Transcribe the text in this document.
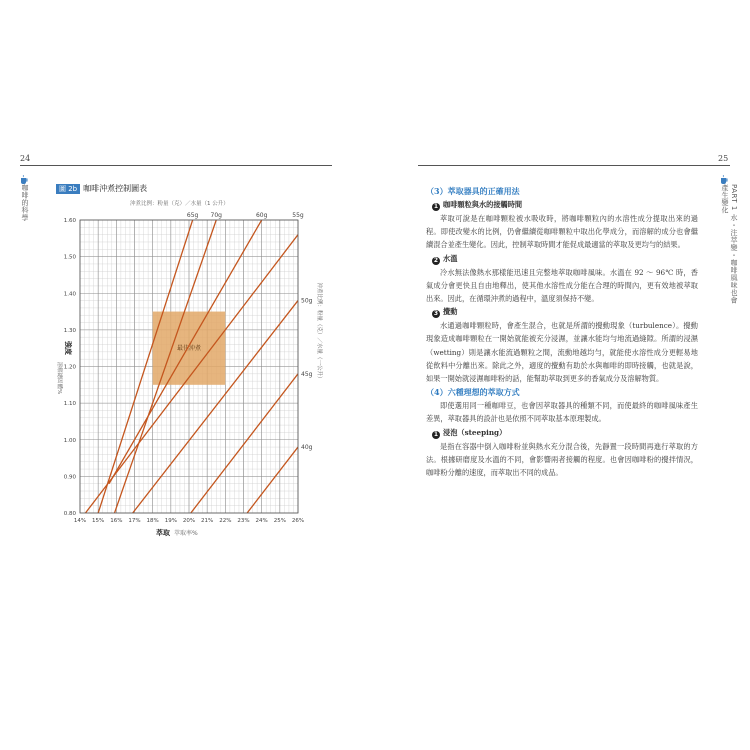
24
咖啡的科學	圖 2b 咖啡沖煮控制圖表
沖煮比例：粉量（克）／水量（1 公升）
最佳沖煮
70g
65g	60g	55g
50g
45g
40g
14% 15% 16% 17% 18% 19% 20% 21% 22% 23% 24% 25% 26%
0.80
0.90
1.00
1.10
1.20
1.30
1.40
1.50
1.60
萃取 萃取率%
強度
溶解總固體%	沖煮比例：粉量（克）／水量（一公升）
25
PART 1 水・注萃變・咖啡風味也會產生變化

（3）萃取器具的正確用法

1 咖啡顆粒與水的接觸時間

萃取可說是在咖啡顆粒被水吸收時，將咖啡顆粒內的水溶性成分提取出來的過程。即使改變水的比例，仍會繼續從咖啡顆粒中取出化學成分，而溶解的成分也會繼續混合並產生變化。因此，控制萃取時間才能促成最適當的萃取及更均勻的結果。

2 水溫

冷水無法像熱水那樣能迅速且完整地萃取咖啡風味。水溫在 92 ～ 96℃ 時，香氣成分會更快且自由地釋出，使其他水溶性成分能在合理的時間內，更有效地被萃取出來。因此，在循環沖煮的過程中，溫度須保持不變。

3 攪動

水通過咖啡顆粒時，會產生混合，也就是所謂的攪動現象（turbulence）。攪動現象造成咖啡顆粒在一開始就能被充分浸濕，並讓水能均勻地流過縫隙。所謂的浸濕（wetting）則是讓水能流過顆粒之間，流動地越均勻，就能使水溶性成分更輕易地從飲料中分離出來。除此之外，適度的攪動有助於水與咖啡的即時接觸，也就是說，如果一開始就浸濕咖啡粉的話，能幫助萃取到更多的香氣成分及溶解物質。

（4）六種理想的萃取方式

即使選用同一種咖啡豆，也會因萃取器具的種類不同，而使最終的咖啡風味產生差異，萃取器具的設計也是依照不同萃取基本原理製成。

1 浸泡（steeping）

是指在容器中倒入咖啡粉並與熱水充分混合後，先靜置一段時間再進行萃取的方法。根據研磨度及水溫的不同，會影響兩者接觸的程度。也會因咖啡粉的攪拌情況，咖啡粉分離的速度，而萃取出不同的成品。
